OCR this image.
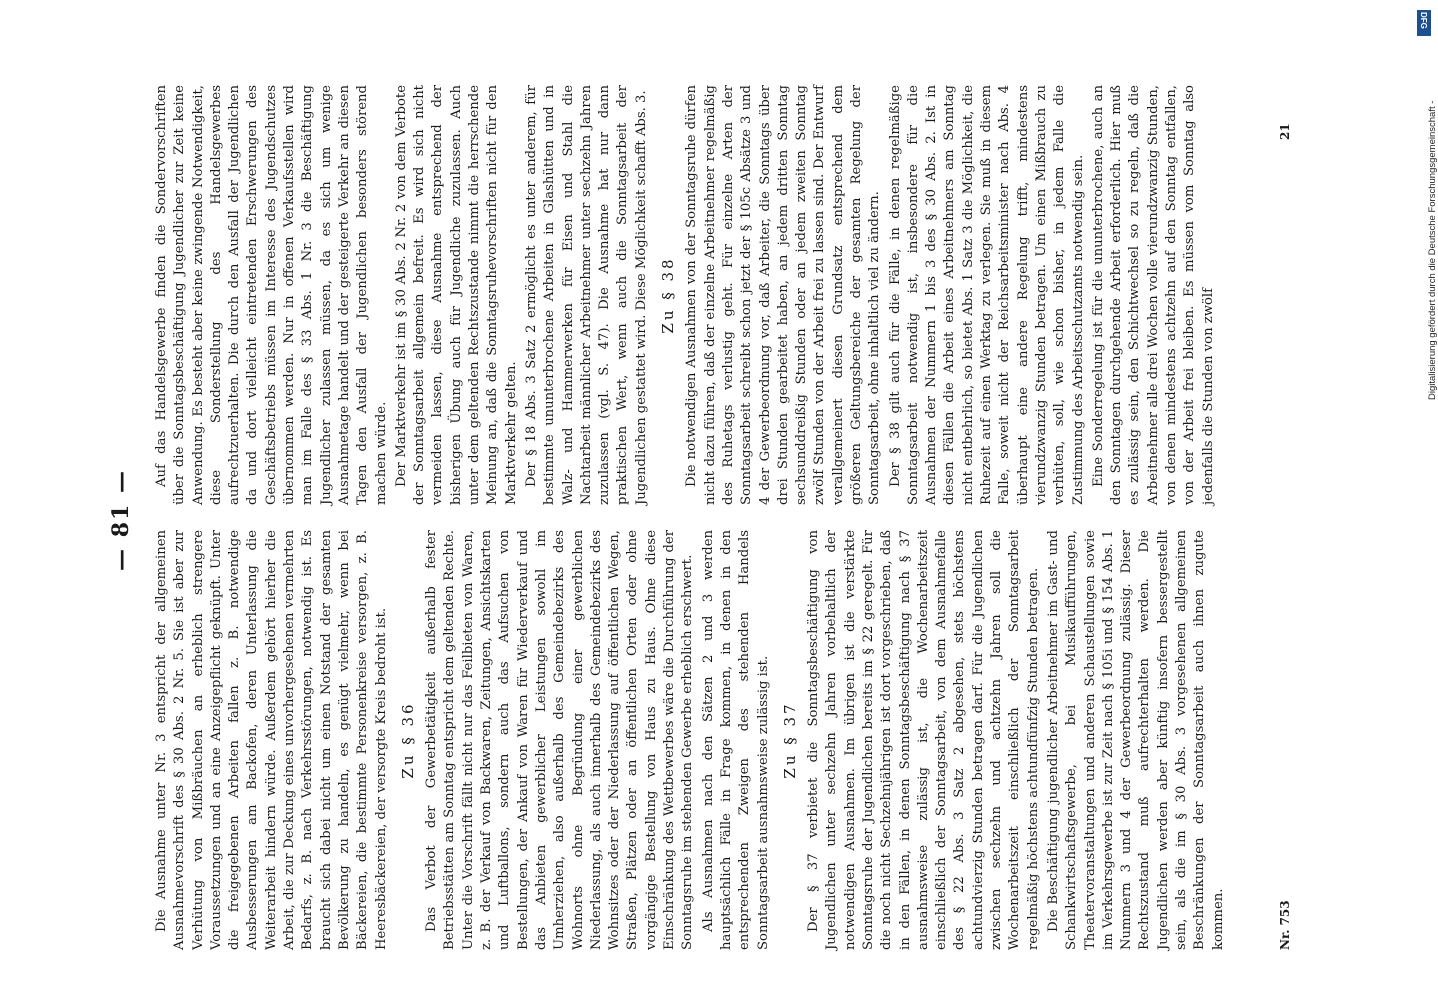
— 81 —

Die Ausnahme unter Nr. 3 entspricht der allgemeinen Ausnahmevorschrift des § 30 Abs. 2 Nr. 5. Sie ist aber zur Verhütung von Mißbräuchen an erheblich strengere Voraussetzungen und an eine Anzeigepflicht geknüpft. Unter die freigegebenen Arbeiten fallen z. B. notwendige Ausbesserungen am Backofen, deren Unterlassung die Weiterarbeit hindern würde. Außerdem gehört hierher die Arbeit, die zur Deckung eines unvorhergesehenen vermehrten Bedarfs, z. B. nach Verkehrsstörungen, notwendig ist. Es braucht sich dabei nicht um einen Notstand der gesamten Bevölkerung zu handeln, es genügt vielmehr, wenn bei Bäckereien, die bestimmte Personenkreise versorgen, z. B. Heeresbäckereien, der versorgte Kreis bedroht ist. Zu § 36 Das Verbot der Gewerbetätigkeit außerhalb fester Betriebsstätten am Sonntag entspricht dem geltenden Rechte. Unter die Vorschrift fällt nicht nur das Feilbieten von Waren, z. B. der Verkauf von Backwaren, Zeitungen, Ansichtskarten und Luftballons, sondern auch das Aufsuchen von Bestellungen, der Ankauf von Waren für Wiederverkauf und das Anbieten gewerblicher Leistungen sowohl im Umherziehen, also außerhalb des Gemeindebezirks des Wohnorts ohne Begründung einer gewerblichen Niederlassung, als auch innerhalb des Gemeindebezirks des Wohnsitzes oder der Niederlassung auf öffentlichen Wegen, Straßen, Plätzen oder an öffentlichen Orten oder ohne vorgängige Bestellung von Haus zu Haus. Ohne diese Einschränkung des Wettbewerbes wäre die Durchführung der Sonntagsruhe im stehenden Gewerbe erheblich erschwert. Als Ausnahmen nach den Sätzen 2 und 3 werden hauptsächlich Fälle in Frage kommen, in denen in den entsprechenden Zweigen des stehenden Handels Sonntagsarbeit ausnahmsweise zulässig ist. Zu § 37 Der § 37 verbietet die Sonntagsbeschäftigung von Jugendlichen unter sechzehn Jahren vorbehaltlich der notwendigen Ausnahmen. Im übrigen ist die verstärkte Sonntagsruhe der Jugendlichen bereits im § 22 geregelt. Für die noch nicht Sechzehnjährigen ist dort vorgeschrieben, daß in den Fällen, in denen Sonntagsbeschäftigung nach § 37 ausnahmsweise zulässig ist, die Wochenarbeitszeit einschließlich der Sonntagsarbeit, von dem Ausnahmefalle des § 22 Abs. 3 Satz 2 abgesehen, stets höchstens achtundvierzig Stunden betragen darf. Für die Jugendlichen zwischen sechzehn und achtzehn Jahren soll die Wochenarbeitszeit einschließlich der Sonntagsarbeit regelmäßig höchstens achtundfünfzig Stunden betragen. Die Beschäftigung jugendlicher Arbeitnehmer im Gast- und Schankwirtschaftsgewerbe, bei Musikaufführungen, Theatervoranstaltungen und anderen Schaustellungen sowie im Verkehrsgewerbe ist zur Zeit nach § 105i und § 154 Abs. 1 Nummern 3 und 4 der Gewerbeordnung zulässig. Dieser Rechtszustand muß aufrechterhalten werden. Die Jugendlichen werden aber künftig insofern bessergestellt sein, als die im § 30 Abs. 3 vorgesehenen allgemeinen Beschränkungen der Sonntagsarbeit auch ihnen zugute kommen.

Auf das Handelsgewerbe finden die Sondervorschriften über die Sonntagsbeschäftigung Jugendlicher zur Zeit keine Anwendung. Es besteht aber keine zwingende Notwendigkeit, diese Sonderstellung des Handelsgewerbes aufrechtzuerhalten. Die durch den Ausfall der Jugendlichen da und dort vielleicht eintretenden Erschwerungen des Geschäftsbetriebs müssen im Interesse des Jugendschutzes übernommen werden. Nur in offenen Verkaufsstellen wird man im Falle des § 33 Abs. 1 Nr. 3 die Beschäftigung Jugendlicher zulassen müssen, da es sich um wenige Ausnahmetage handelt und der gesteigerte Verkehr an diesen Tagen den Ausfall der Jugendlichen besonders störend machen würde. Der Marktverkehr ist im § 30 Abs. 2 Nr. 2 von dem Verbote der Sonntagsarbeit allgemein befreit. Es wird sich nicht vermeiden lassen, diese Ausnahme entsprechend der bisherigen Übung auch für Jugendliche zuzulassen. Auch unter dem geltenden Rechtszustande nimmt die herrschende Meinung an, daß die Sonntagsruhevorschriften nicht für den Marktverkehr gelten. Der § 18 Abs. 3 Satz 2 ermöglicht es unter anderem, für bestimmte ununterbrochene Arbeiten in Glashütten und in Walz- und Hammerwerken für Eisen und Stahl die Nachtarbeit männlicher Arbeitnehmer unter sechzehn Jahren zuzulassen (vgl. S. 47). Die Ausnahme hat nur dann praktischen Wert, wenn auch die Sonntagsarbeit der Jugendlichen gestattet wird. Diese Möglichkeit schafft Abs. 3. Zu § 38 Die notwendigen Ausnahmen von der Sonntagsruhe dürfen nicht dazu führen, daß der einzelne Arbeitnehmer regelmäßig des Ruhetags verlustig geht. Für einzelne Arten der Sonntagsarbeit schreibt schon jetzt der § 105c Absätze 3 und 4 der Gewerbeordnung vor, daß Arbeiter, die Sonntags über drei Stunden gearbeitet haben, an jedem dritten Sonntag sechsunddreißig Stunden oder an jedem zweiten Sonntag zwölf Stunden von der Arbeit frei zu lassen sind. Der Entwurf verallgemeinert diesen Grundsatz entsprechend dem größeren Geltungsbereiche der gesamten Regelung der Sonntagsarbeit, ohne inhaltlich viel zu ändern. Der § 38 gilt auch für die Fälle, in denen regelmäßige Sonntagsarbeit notwendig ist, insbesondere für die Ausnahmen der Nummern 1 bis 3 des § 30 Abs. 2. Ist in diesen Fällen die Arbeit eines Arbeitnehmers am Sonntag nicht entbehrlich, so bietet Abs. 1 Satz 3 die Möglichkeit, die Ruhezeit auf einen Werktag zu verlegen. Sie muß in diesem Falle, soweit nicht der Reichsarbeitsminister nach Abs. 4 überhaupt eine andere Regelung trifft, mindestens vierundzwanzig Stunden betragen. Um einen Mißbrauch zu verhüten, soll, wie schon bisher, in jedem Falle die Zustimmung des Arbeitsschutzamts notwendig sein. Eine Sonderregelung ist für die ununterbrochene, auch an den Sonntagen durchgehende Arbeit erforderlich. Hier muß es zulässig sein, den Schichtwechsel so zu regeln, daß die Arbeitnehmer alle drei Wochen volle vierundzwanzig Stunden, von denen mindestens achtzehn auf den Sonntag entfallen, von der Arbeit frei bleiben. Es müssen vom Sonntag also jedenfalls die Stunden von zwölf

Nr. 753
21
DFG
Digitalisierung gefördert durch die Deutsche Forschungsgemeinschaft -
